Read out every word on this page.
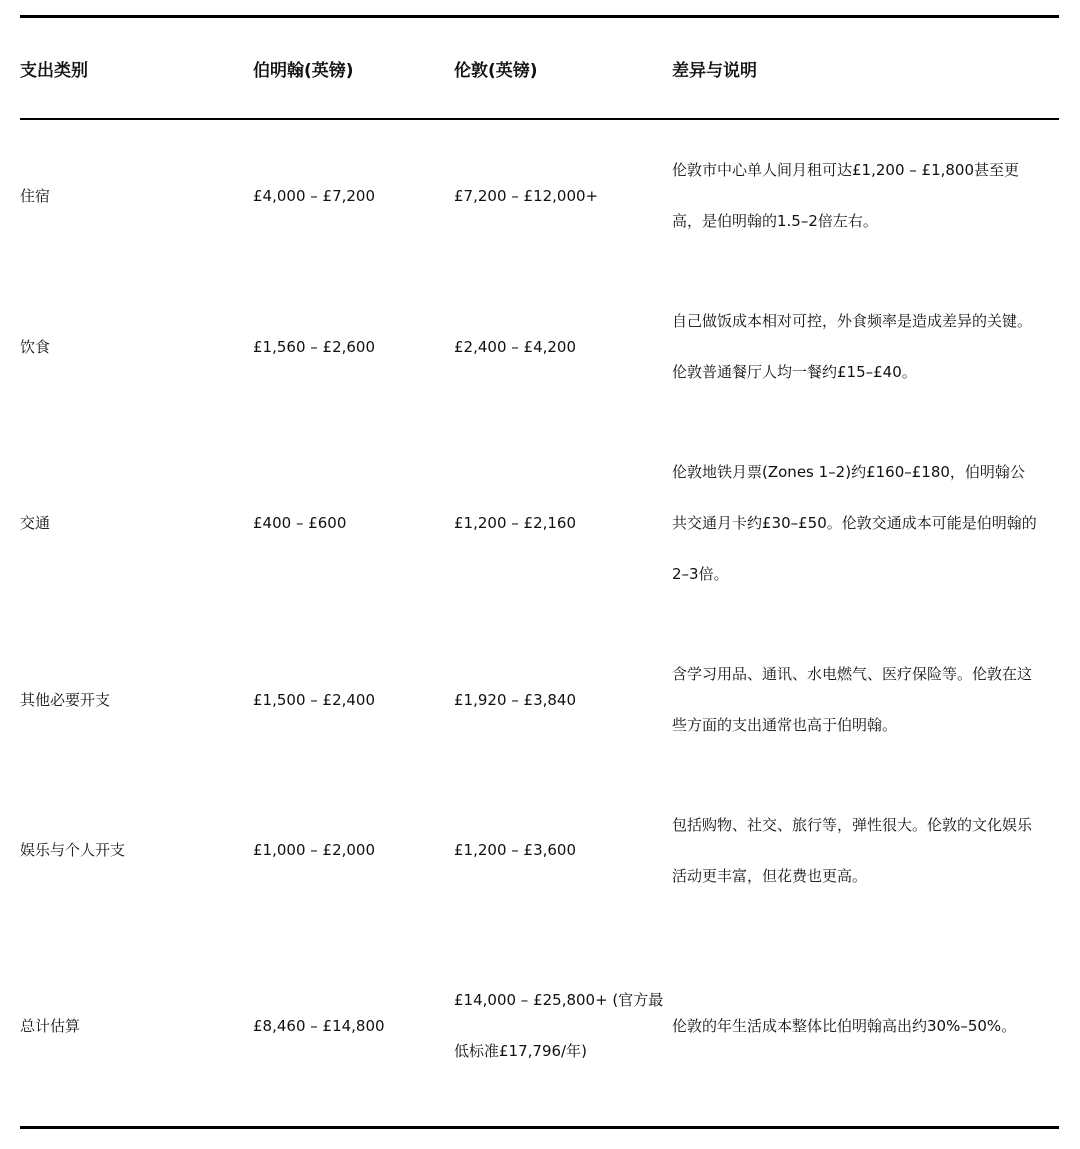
支出类别	伯明翰(英镑)	伦敦(英镑)	差异与说明
住宿	£4,000 – £7,200	£7,200 – £12,000+	伦敦市中心单人间月租可达£1,200 – £1,800甚至更高，是伯明翰的1.5–2倍左右。
饮食	£1,560 – £2,600	£2,400 – £4,200	自己做饭成本相对可控，外食频率是造成差异的关键。伦敦普通餐厅人均一餐约£15–£40。
交通	£400 – £600	£1,200 – £2,160	伦敦地铁月票(Zones 1–2)约£160–£180，伯明翰公共交通月卡约£30–£50。伦敦交通成本可能是伯明翰的2–3倍。
其他必要开支	£1,500 – £2,400	£1,920 – £3,840	含学习用品、通讯、水电燃气、医疗保险等。伦敦在这些方面的支出通常也高于伯明翰。
娱乐与个人开支	£1,000 – £2,000	£1,200 – £3,600	包括购物、社交、旅行等，弹性很大。伦敦的文化娱乐活动更丰富，但花费也更高。
总计估算	£8,460 – £14,800	£14,000 – £25,800+ (官方最低标准£17,796/年)	伦敦的年生活成本整体比伯明翰高出约30%–50%。
